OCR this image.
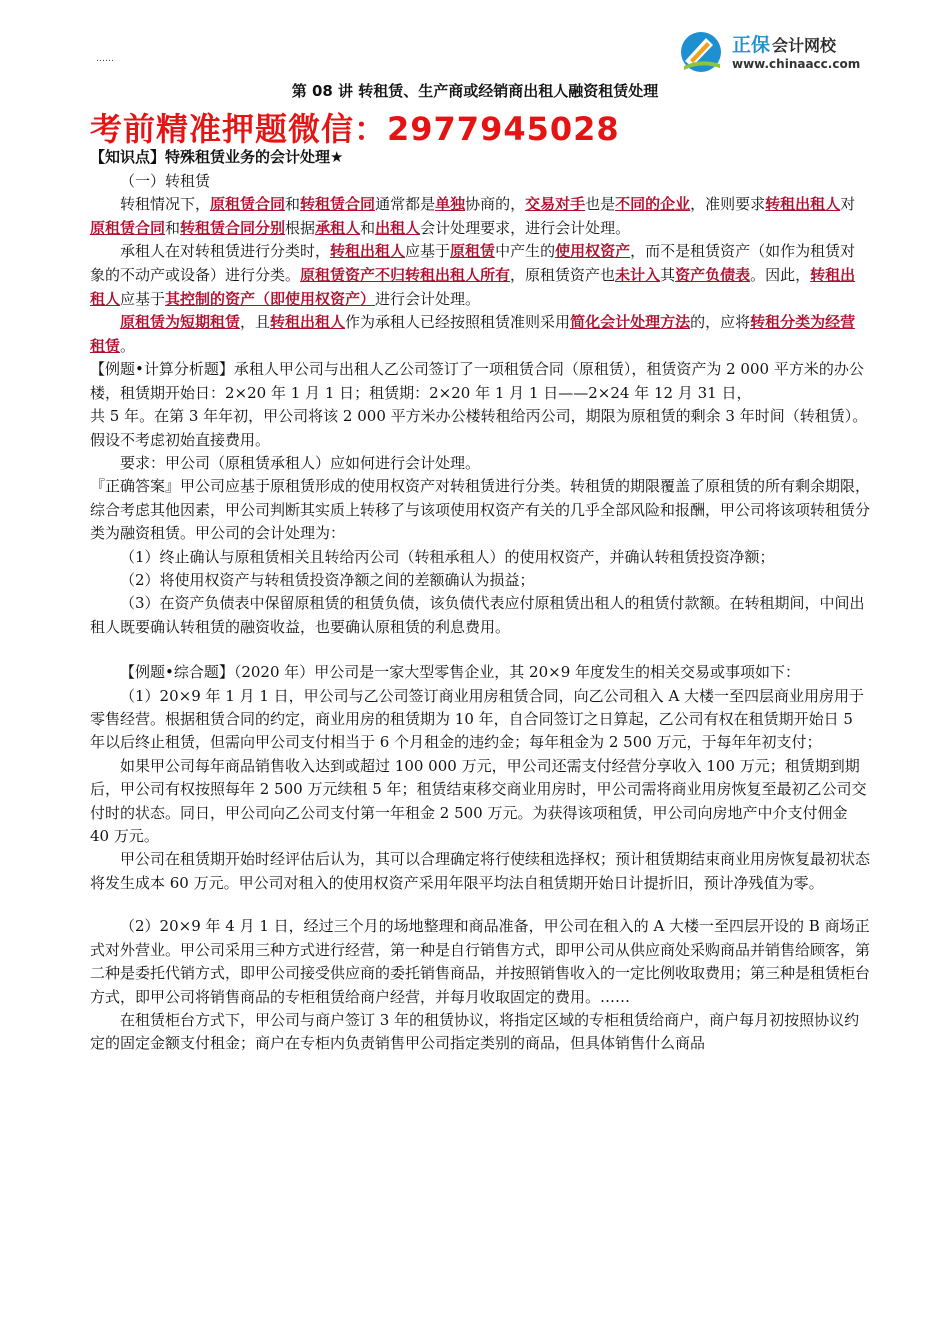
……
正保 会计网校
www.chinaacc.com
第 08 讲 转租赁、生产商或经销商出租人融资租赁处理
考前精准押题微信：2977945028

【知识点】特殊租赁业务的会计处理★

（一）转租赁

转租情况下，原租赁合同和转租赁合同通常都是单独协商的，交易对手也是不同的企业，准则要求转租出租人对原租赁合同和转租赁合同分别根据承租人和出租人会计处理要求，进行会计处理。

承租人在对转租赁进行分类时，转租出租人应基于原租赁中产生的使用权资产，而不是租赁资产（如作为租赁对象的不动产或设备）进行分类。原租赁资产不归转租出租人所有，原租赁资产也未计入其资产负债表。因此，转租出租人应基于其控制的资产（即使用权资产）进行会计处理。

原租赁为短期租赁，且转租出租人作为承租人已经按照租赁准则采用简化会计处理方法的，应将转租分类为经营租赁。

【例题•计算分析题】承租人甲公司与出租人乙公司签订了一项租赁合同（原租赁），租赁资产为 2 000 平方米的办公楼，租赁期开始日：2×20 年 1 月 1 日；租赁期：2×20 年 1 月 1 日——2×24 年 12 月 31 日，

共 5 年。在第 3 年年初，甲公司将该 2 000 平方米办公楼转租给丙公司，期限为原租赁的剩余 3 年时间（转租赁）。假设不考虑初始直接费用。

要求：甲公司（原租赁承租人）应如何进行会计处理。

『正确答案』甲公司应基于原租赁形成的使用权资产对转租赁进行分类。转租赁的期限覆盖了原租赁的所有剩余期限，综合考虑其他因素，甲公司判断其实质上转移了与该项使用权资产有关的几乎全部风险和报酬，甲公司将该项转租赁分类为融资租赁。甲公司的会计处理为：

（1）终止确认与原租赁相关且转给丙公司（转租承租人）的使用权资产，并确认转租赁投资净额；

（2）将使用权资产与转租赁投资净额之间的差额确认为损益；

（3）在资产负债表中保留原租赁的租赁负债，该负债代表应付原租赁出租人的租赁付款额。在转租期间，中间出租人既要确认转租赁的融资收益，也要确认原租赁的利息费用。

【例题•综合题】（2020 年）甲公司是一家大型零售企业，其 20×9 年度发生的相关交易或事项如下：

（1）20×9 年 1 月 1 日，甲公司与乙公司签订商业用房租赁合同，向乙公司租入 A 大楼一至四层商业用房用于零售经营。根据租赁合同的约定，商业用房的租赁期为 10 年，自合同签订之日算起，乙公司有权在租赁期开始日 5 年以后终止租赁，但需向甲公司支付相当于 6 个月租金的违约金；每年租金为 2 500 万元，于每年年初支付；

如果甲公司每年商品销售收入达到或超过 100 000 万元，甲公司还需支付经营分享收入 100 万元；租赁期到期后，甲公司有权按照每年 2 500 万元续租 5 年；租赁结束移交商业用房时，甲公司需将商业用房恢复至最初乙公司交付时的状态。同日，甲公司向乙公司支付第一年租金 2 500 万元。为获得该项租赁，甲公司向房地产中介支付佣金 40 万元。

甲公司在租赁期开始时经评估后认为，其可以合理确定将行使续租选择权；预计租赁期结束商业用房恢复最初状态将发生成本 60 万元。甲公司对租入的使用权资产采用年限平均法自租赁期开始日计提折旧，预计净残值为零。

（2）20×9 年 4 月 1 日，经过三个月的场地整理和商品准备，甲公司在租入的 A 大楼一至四层开设的 B 商场正式对外营业。甲公司采用三种方式进行经营，第一种是自行销售方式，即甲公司从供应商处采购商品并销售给顾客，第二种是委托代销方式，即甲公司接受供应商的委托销售商品，并按照销售收入的一定比例收取费用；第三种是租赁柜台方式，即甲公司将销售商品的专柜租赁给商户经营，并每月收取固定的费用。……

在租赁柜台方式下，甲公司与商户签订 3 年的租赁协议，将指定区域的专柜租赁给商户，商户每月初按照协议约定的固定金额支付租金；商户在专柜内负责销售甲公司指定类别的商品，但具体销售什么商品
